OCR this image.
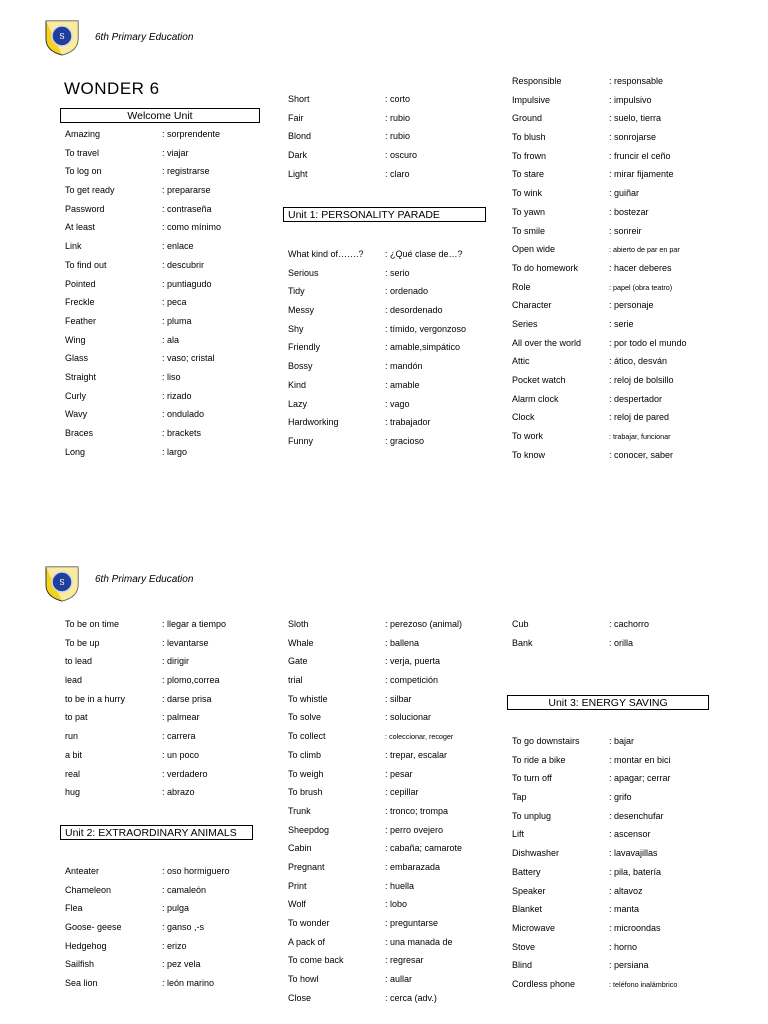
S	6th Primary Education
WONDER 6
Welcome Unit
Amazing	: sorprendente
To travel	: viajar
To log on	: registrarse
To get ready	: prepararse
Password	: contraseña
At least	: como mínimo
Link	: enlace
To find out	: descubrir
Pointed	: puntiagudo
Freckle	: peca
Feather	: pluma
Wing	: ala
Glass	: vaso; cristal
Straight	: liso
Curly	: rizado
Wavy	: ondulado
Braces	: brackets
Long	: largo
Short	: corto
Fair	: rubio
Blond	: rubio
Dark	: oscuro
Light	: claro
Unit 1: PERSONALITY PARADE
What kind of…….? : ¿Qué clase de…?
Serious	: serio
Tidy	: ordenado
Messy	: desordenado
Shy	: tímido, vergonzoso
Friendly	: amable,simpático
Bossy	: mandón
Kind	: amable
Lazy	: vago
Hardworking	: trabajador
Funny	: gracioso
Responsible	: responsable
Impulsive	: impulsivo
Ground	: suelo, tierra
To blush	: sonrojarse
To frown	: fruncir el ceño
To stare	: mirar fijamente
To wink	: guiñar
To yawn	: bostezar
To smile	: sonreir
Open wide	: abierto de par en par
To do homework	: hacer deberes
Role	: papel (obra teatro)
Character	: personaje
Series	: serie
All over the world	: por todo el mundo
Attic	: ático, desván
Pocket watch	: reloj de bolsillo
Alarm clock	: despertador
Clock	: reloj de pared
To work	: trabajar, funcionar
To know	: conocer, saber
S	6th Primary Education
To be on time	: llegar a tiempo
To be up	: levantarse
to lead	: dirigir
lead	: plomo,correa
to be in a hurry	: darse prisa
to pat	: palmear
run	: carrera
a bit	: un poco
real	: verdadero
hug	: abrazo
Unit 2: EXTRAORDINARY ANIMALS
Anteater	: oso hormiguero
Chameleon	: camaleón
Flea	: pulga
Goose- geese	: ganso ,-s
Hedgehog	: erizo
Sailfish	: pez vela
Sea lion	: león marino
Sloth	: perezoso (animal)
Whale	: ballena
Gate	: verja, puerta
trial	: competición
To whistle	: silbar
To solve	: solucionar
To collect	: coleccionar, recoger
To climb	: trepar, escalar
To weigh	: pesar
To brush	: cepillar
Trunk	: tronco; trompa
Sheepdog	: perro ovejero
Cabin	: cabaña; camarote
Pregnant	: embarazada
Print	: huella
Wolf	: lobo
To wonder	: preguntarse
A pack of	: una manada de
To come back	: regresar
To howl	: aullar
Close	: cerca (adv.)
Cub	: cachorro
Bank	: orilla
Unit 3: ENERGY SAVING
To go downstairs	: bajar
To ride a bike	: montar en bici
To turn off	: apagar; cerrar
Tap	: grifo
To unplug	: desenchufar
Lift	: ascensor
Dishwasher	: lavavajillas
Battery	: pila, batería
Speaker	: altavoz
Blanket	: manta
Microwave	: microondas
Stove	: horno
Blind	: persiana
Cordless phone	: teléfono inalámbrico
